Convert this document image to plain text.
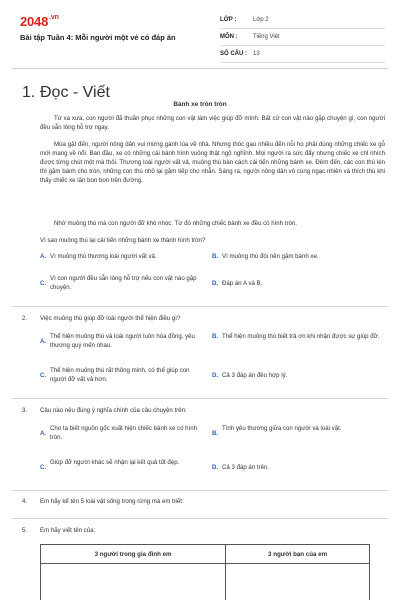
$2048^{.vn}$
Bài tập Tuần 4: Mỗi người một vẻ có đáp án
LỚP :	Lớp 2
MÔN :	Tiếng Việt
SỐ CÂU :	13
1. Đọc - Viết
Bánh xe tròn tròn
Từ xa xưa, con người đã thuần phục những con vật làm việc giúp đỡ mình. Bất cứ con vật nào gặp chuyện gì, con người đều sẵn lòng hỗ trợ ngay.
Mùa gặt đến, người nông dân vui mừng gánh lúa về nhà. Nhưng thóc gạo nhiều đến nỗi họ phải dùng những chiếc xe gỗ mới mang về nổi. Ban đầu, xe có những cái bánh hình vuông thật ngộ nghĩnh. Mọi người ra sức đẩy nhưng chiếc xe chỉ nhích được từng chút một mà thôi. Thương loài người vất vả, muông thú bàn cách cải tiến những bánh xe. Đêm đến, các con thú lén thì gặm bánh cho tròn, những con thú nhỏ lại gặm tiếp cho nhẵn. Sáng ra, người nông dân vô cùng ngạc nhiên và thích thú khi thấy chiếc xe lăn bon bon trên đường.
Nhờ muông thú mà con người đỡ khó nhọc. Từ đó những chiếc bánh xe đều có hình tròn.
Vì sao muông thú lại cải tiến những bánh xe thành hình tròn?
A. Vì muông thú thương loài người vất vả.	B. Vì muông thú đói nên gặm bánh xe.
C.
Vì con người đều sẵn lòng hỗ trợ nếu con vật nào gặp chuyện.
D. Đáp án A và B.
2.	Việc muông thú giúp đỡ loài người thể hiện điều gì?
A.
Thể hiện muông thú và loài người luôn hòa đồng, yêu thương quý mến nhau.
B. Thể hiện muông thú biết trả ơn khi nhận được sự giúp đỡ.
C.
Thể hiện muông thú rất thông minh, có thể giúp con người đỡ vất vả hơn.
D. Cả 3 đáp án đều hợp lý.
3.	Câu nào nêu đúng ý nghĩa chính của câu chuyện trên:
A.
Cho ta biết nguồn gốc xuất hiện chiếc bánh xe có hình tròn.
B.
Tình yêu thương giữa con người và loài vật.
C.
Giúp đỡ người khác sẽ nhận lại kết quả tốt đẹp.
D. Cả 3 đáp án trên.
4.	Em hãy kể tên 5 loài vật sống trong rừng mà em biết:
5.	Em hãy viết tên của:
3 người trong gia đình em	3 người bạn của em
